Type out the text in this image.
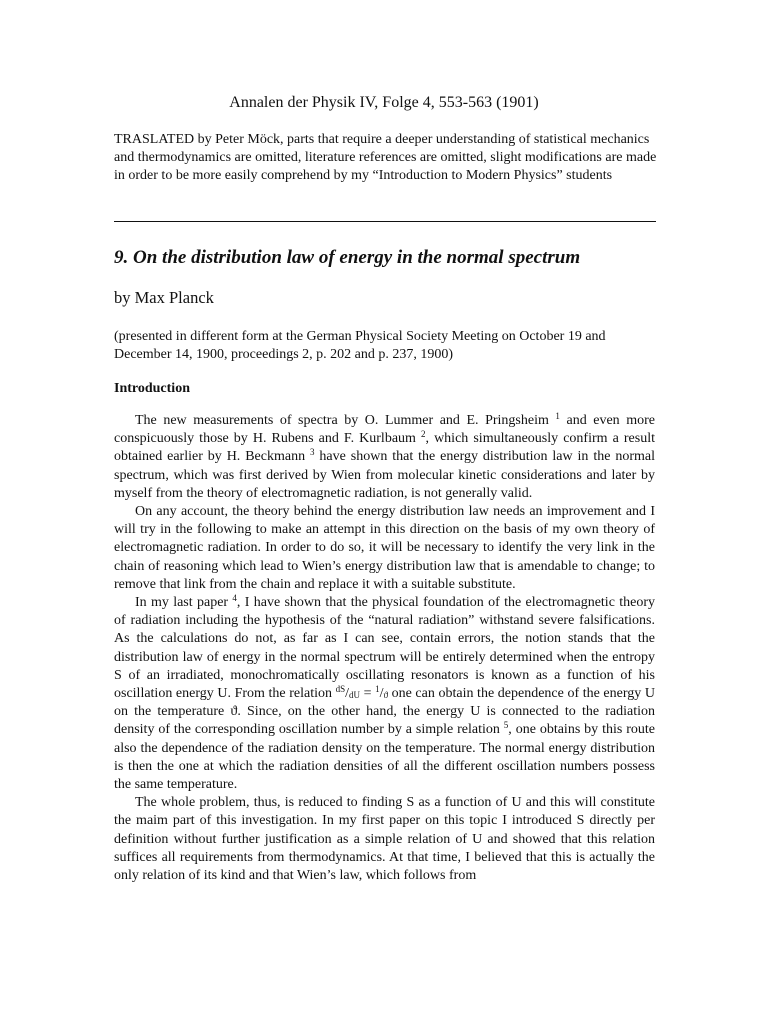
Annalen der Physik IV, Folge 4, 553-563 (1901)
TRASLATED by Peter Möck, parts that require a deeper understanding of statistical mechanics and thermodynamics are omitted, literature references are omitted, slight modifications are made in order to be more easily comprehend by my “Introduction to Modern Physics” students
9. On the distribution law of energy in the normal spectrum
by Max Planck
(presented in different form at the German Physical Society Meeting on October 19 and December 14, 1900, proceedings 2, p. 202 and p. 237, 1900)
Introduction

The new measurements of spectra by O. Lummer and E. Pringsheim $^1$ and even more conspicuously those by H. Rubens and F. Kurlbaum $^2$, which simultaneously confirm a result obtained earlier by H. Beckmann $^3$ have shown that the energy distribution law in the normal spectrum, which was first derived by Wien from molecular kinetic considerations and later by myself from the theory of electromagnetic radiation, is not generally valid.

On any account, the theory behind the energy distribution law needs an improvement and I will try in the following to make an attempt in this direction on the basis of my own theory of electromagnetic radiation. In order to do so, it will be necessary to identify the very link in the chain of reasoning which lead to Wien’s energy distribution law that is amendable to change; to remove that link from the chain and replace it with a suitable substitute.

In my last paper $^4$, I have shown that the physical foundation of the electromagnetic theory of radiation including the hypothesis of the “natural radiation” withstand severe falsifications. As the calculations do not, as far as I can see, contain errors, the notion stands that the distribution law of energy in the normal spectrum will be entirely determined when the entropy S of an irradiated, monochromatically oscillating resonators is known as a function of his oscillation energy U. From the relation $^{dS}/_{dU} = ^1/_ϑ$ one can obtain the dependence of the energy U on the temperature ϑ. Since, on the other hand, the energy U is connected to the radiation density of the corresponding oscillation number by a simple relation $^5$, one obtains by this route also the dependence of the radiation density on the temperature. The normal energy distribution is then the one at which the radiation densities of all the different oscillation numbers possess the same temperature.

The whole problem, thus, is reduced to finding S as a function of U and this will constitute the maim part of this investigation. In my first paper on this topic I introduced S directly per definition without further justification as a simple relation of U and showed that this relation suffices all requirements from thermodynamics. At that time, I believed that this is actually the only relation of its kind and that Wien’s law, which follows from
